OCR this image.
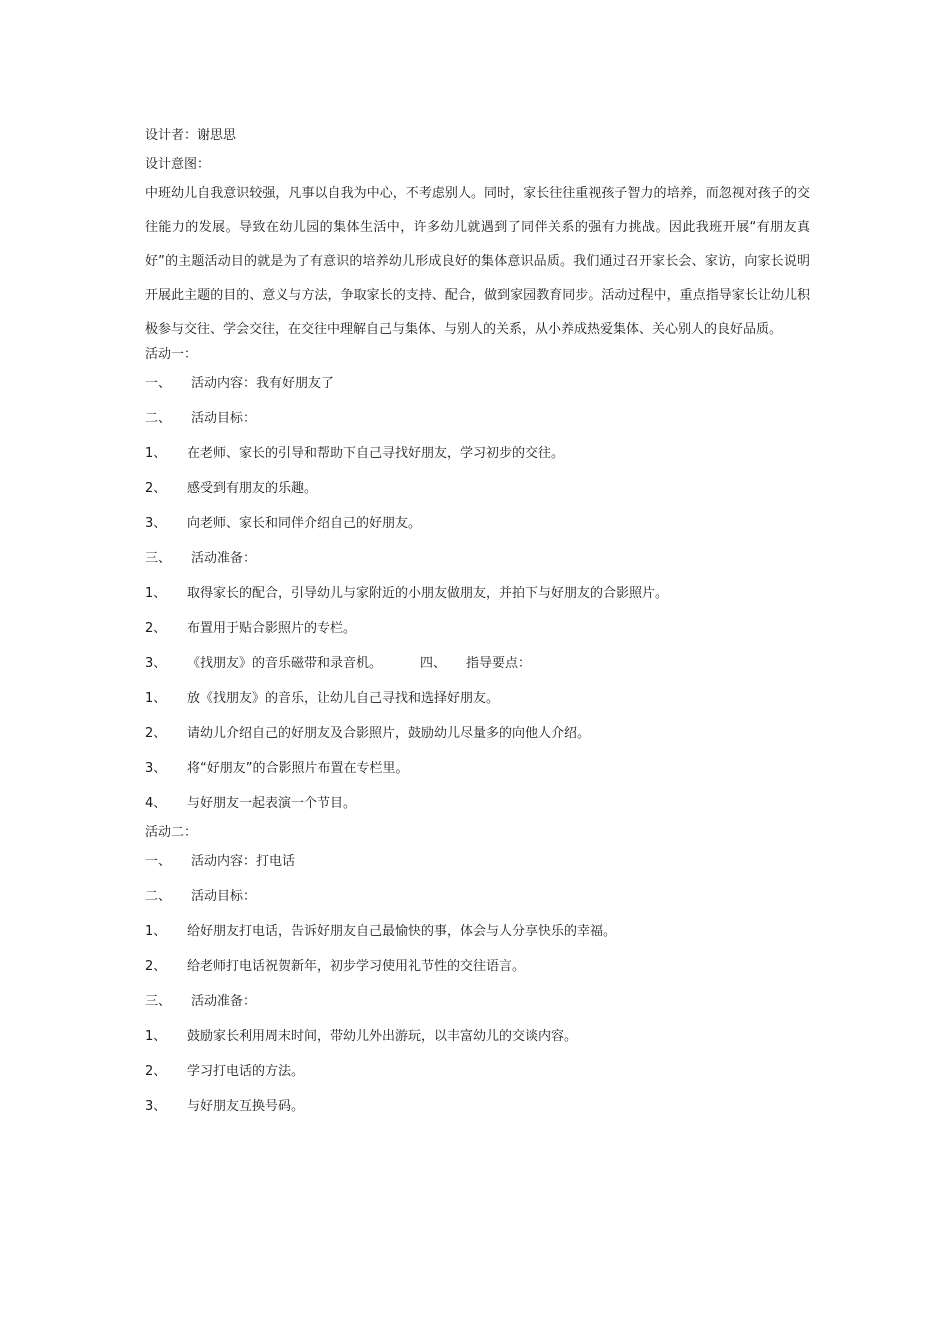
设计者：谢思思
设计意图：
中班幼儿自我意识较强，凡事以自我为中心，不考虑别人。同时，家长往往重视孩子智力的培养，而忽视对孩子的交往能力的发展。导致在幼儿园的集体生活中，许多幼儿就遇到了同伴关系的强有力挑战。因此我班开展“有朋友真好”的主题活动目的就是为了有意识的培养幼儿形成良好的集体意识品质。我们通过召开家长会、家访，向家长说明开展此主题的目的、意义与方法，争取家长的支持、配合，做到家园教育同步。活动过程中，重点指导家长让幼儿积极参与交往、学会交往，在交往中理解自己与集体、与别人的关系，从小养成热爱集体、关心别人的良好品质。
活动一：
一、	活动内容：我有好朋友了
二、	活动目标：
1、	在老师、家长的引导和帮助下自己寻找好朋友，学习初步的交往。
2、	感受到有朋友的乐趣。
3、	向老师、家长和同伴介绍自己的好朋友。
三、	活动准备：
1、	取得家长的配合，引导幼儿与家附近的小朋友做朋友，并拍下与好朋友的合影照片。
2、	布置用于贴合影照片的专栏。
3、	《找朋友》的音乐磁带和录音机。	四、	指导要点：
1、	放《找朋友》的音乐，让幼儿自己寻找和选择好朋友。
2、	请幼儿介绍自己的好朋友及合影照片，鼓励幼儿尽量多的向他人介绍。
3、	将“好朋友”的合影照片布置在专栏里。
4、	与好朋友一起表演一个节目。
活动二：
一、	活动内容：打电话
二、	活动目标：
1、	给好朋友打电话，告诉好朋友自己最愉快的事，体会与人分享快乐的幸福。
2、	给老师打电话祝贺新年，初步学习使用礼节性的交往语言。
三、	活动准备：
1、	鼓励家长利用周末时间，带幼儿外出游玩，以丰富幼儿的交谈内容。
2、	学习打电话的方法。
3、	与好朋友互换号码。
